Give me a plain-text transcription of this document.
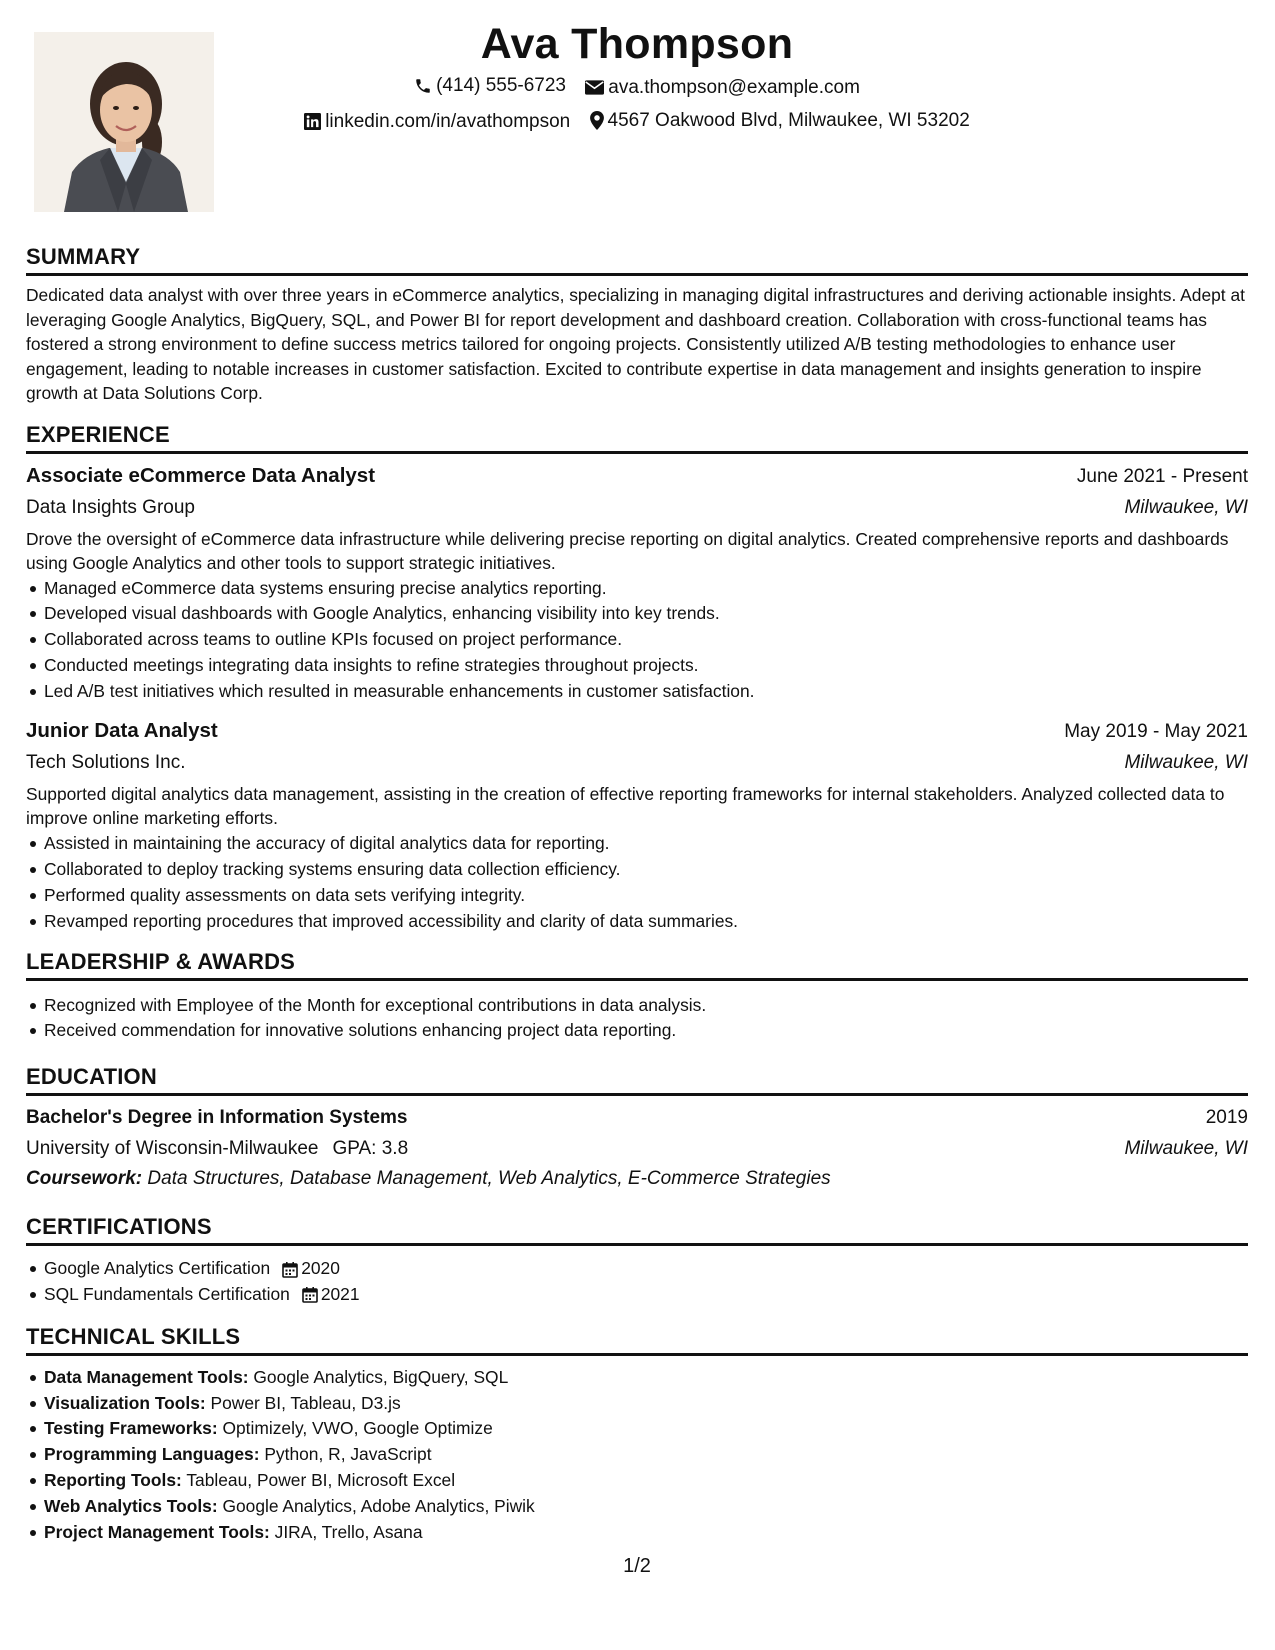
Ava Thompson
(414) 555-6723
ava.thompson@example.com
linkedin.com/in/avathompson
4567 Oakwood Blvd, Milwaukee, WI 53202
SUMMARY

Dedicated data analyst with over three years in eCommerce analytics, specializing in managing digital infrastructures and deriving actionable insights. Adept at leveraging Google Analytics, BigQuery, SQL, and Power BI for report development and dashboard creation. Collaboration with cross-functional teams has fostered a strong environment to define success metrics tailored for ongoing projects. Consistently utilized A/B testing methodologies to enhance user engagement, leading to notable increases in customer satisfaction. Excited to contribute expertise in data management and insights generation to inspire growth at Data Solutions Corp.

EXPERIENCE
Associate eCommerce Data Analyst	June 2021 - Present
Data Insights Group	Milwaukee, WI

Drove the oversight of eCommerce data infrastructure while delivering precise reporting on digital analytics. Created comprehensive reports and dashboards using Google Analytics and other tools to support strategic initiatives.

Managed eCommerce data systems ensuring precise analytics reporting.
Developed visual dashboards with Google Analytics, enhancing visibility into key trends.
Collaborated across teams to outline KPIs focused on project performance.
Conducted meetings integrating data insights to refine strategies throughout projects.
Led A/B test initiatives which resulted in measurable enhancements in customer satisfaction.
Junior Data Analyst	May 2019 - May 2021
Tech Solutions Inc.	Milwaukee, WI

Supported digital analytics data management, assisting in the creation of effective reporting frameworks for internal stakeholders. Analyzed collected data to improve online marketing efforts.

Assisted in maintaining the accuracy of digital analytics data for reporting.
Collaborated to deploy tracking systems ensuring data collection efficiency.
Performed quality assessments on data sets verifying integrity.
Revamped reporting procedures that improved accessibility and clarity of data summaries.
LEADERSHIP & AWARDS
Recognized with Employee of the Month for exceptional contributions in data analysis.
Received commendation for innovative solutions enhancing project data reporting.
EDUCATION
Bachelor's Degree in Information Systems	2019
University of Wisconsin-Milwaukee GPA: 3.8	Milwaukee, WI
Coursework: Data Structures, Database Management, Web Analytics, E-Commerce Strategies
CERTIFICATIONS
Google Analytics Certification 2020
SQL Fundamentals Certification 2021
TECHNICAL SKILLS
Data Management Tools: Google Analytics, BigQuery, SQL
Visualization Tools: Power BI, Tableau, D3.js
Testing Frameworks: Optimizely, VWO, Google Optimize
Programming Languages: Python, R, JavaScript
Reporting Tools: Tableau, Power BI, Microsoft Excel
Web Analytics Tools: Google Analytics, Adobe Analytics, Piwik
Project Management Tools: JIRA, Trello, Asana
1/2
